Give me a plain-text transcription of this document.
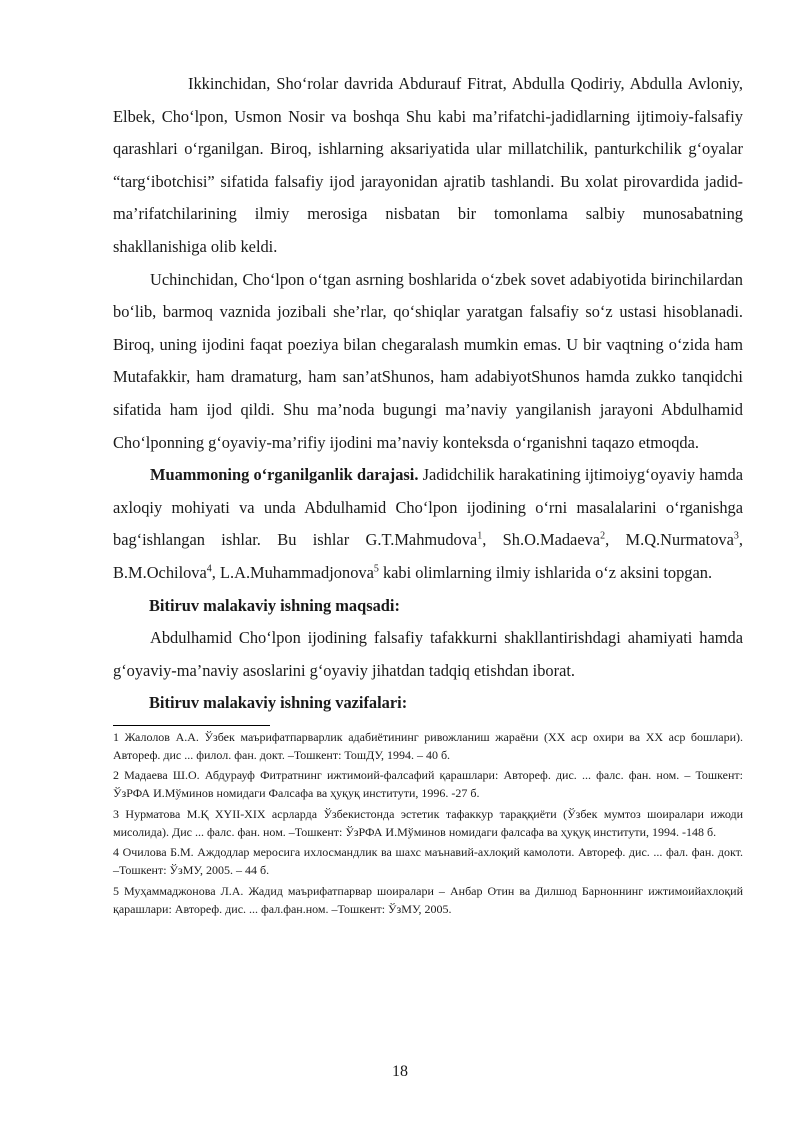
Ikkinchidan, Sho‘rolar davrida Abdurauf Fitrat, Abdulla Qodiriy, Abdulla Avloniy, Elbek, Cho‘lpon, Usmon Nosir va boshqa Shu kabi ma’rifatchi-jadidlarning ijtimoiy-falsafiy qarashlari o‘rganilgan. Biroq, ishlarning aksariyatida ular millatchilik, panturkchilik g‘oyalar “targ‘ibotchisi” sifatida falsafiy ijod jarayonidan ajratib tashlandi. Bu xolat pirovardida jadid-ma’rifatchilarining ilmiy merosiga nisbatan bir tomonlama salbiy munosabatning shakllanishiga olib keldi.

Uchinchidan, Cho‘lpon o‘tgan asrning boshlarida o‘zbek sovet adabiyotida birinchilardan bo‘lib, barmoq vaznida jozibali she’rlar, qo‘shiqlar yaratgan falsafiy so‘z ustasi hisoblanadi. Biroq, uning ijodini faqat poeziya bilan chegaralash mumkin emas. U bir vaqtning o‘zida ham Mutafakkir, ham dramaturg, ham san’atShunos, ham adabiyotShunos hamda zukko tanqidchi sifatida ham ijod qildi. Shu ma’noda bugungi ma’naviy yangilanish jarayoni Abdulhamid Cho‘lponning g‘oyaviy-ma’rifiy ijodini ma’naviy konteksda o‘rganishni taqazo etmoqda.

Muammoning o‘rganilganlik darajasi. Jadidchilik harakatining ijtimoiyg‘oyaviy hamda axloqiy mohiyati va unda Abdulhamid Cho‘lpon ijodining o‘rni masalalarini o‘rganishga bag‘ishlangan ishlar. Bu ishlar G.T.Mahmudova$^1$, Sh.O.Madaeva$^2$, M.Q.Nurmatova$^3$, B.M.Ochilova$^4$, L.A.Muhammadjonova$^5$ kabi olimlarning ilmiy ishlarida o‘z aksini topgan.

Bitiruv malakaviy ishning maqsadi:

Abdulhamid Cho‘lpon ijodining falsafiy tafakkurni shakllantirishdagi ahamiyati hamda g‘oyaviy-ma’naviy asoslarini g‘oyaviy jihatdan tadqiq etishdan iborat.

Bitiruv malakaviy ishning vazifalari:

1 Жалолов А.А. Ўзбек маърифатпарварлик адабиётининг ривожланиш жараёни (XX аср охири ва XX аср бошлари). Автореф. дис ... филол. фан. докт. –Тошкент: ТошДУ, 1994. – 40 б.

2 Мадаева Ш.О. Абдурауф Фитратнинг ижтимоий-фалсафий қарашлари: Автореф. дис. ... фалс. фан. ном. – Тошкент: ЎзРФА И.Мўминов номидаги Фалсафа ва ҳуқуқ институти, 1996. -27 б.

3 Нурматова М.Қ XYII-XIX асрларда Ўзбекистонда эстетик тафаккур тараққиёти (Ўзбек мумтоз шоиралари ижоди мисолида). Дис ... фалс. фан. ном. –Тошкент: ЎзРФА И.Мўминов номидаги фалсафа ва ҳуқуқ институти, 1994. -148 б.

4 Очилова Б.М. Аждодлар меросига ихлосмандлик ва шахс маънавий-ахлоқий камолоти. Автореф. дис. ... фал. фан. докт. –Тошкент: ЎзМУ, 2005. – 44 б.

5 Муҳаммаджонова Л.А. Жадид маърифатпарвар шоиралари – Анбар Отин ва Дилшод Барноннинг ижтимоийахлоқий қарашлари: Автореф. дис. ... фал.фан.ном. –Тошкент: ЎзМУ, 2005.

18
